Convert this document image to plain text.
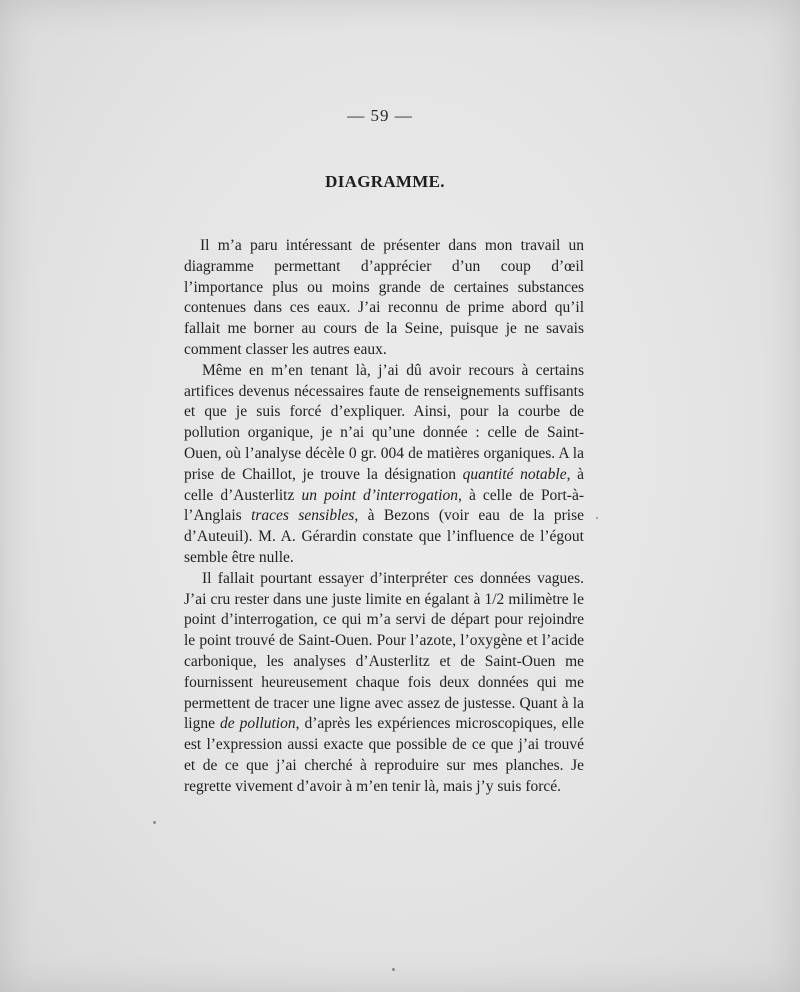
— 59 —
DIAGRAMME.

Il m’a paru intéressant de présenter dans mon travail un diagramme permettant d’apprécier d’un coup d’œil l’importance plus ou moins grande de certaines substances contenues dans ces eaux. J’ai reconnu de prime abord qu’il fallait me borner au cours de la Seine, puisque je ne savais comment classer les autres eaux.

Même en m’en tenant là, j’ai dû avoir recours à certains artifices devenus nécessaires faute de renseignements suffisants et que je suis forcé d’expliquer. Ainsi, pour la courbe de pollution organique, je n’ai qu’une donnée : celle de Saint-Ouen, où l’analyse décèle 0 gr. 004 de matières organiques. A la prise de Chaillot, je trouve la désignation quantité notable, à celle d’Austerlitz un point d’interrogation, à celle de Port-à-l’Anglais traces sensibles, à Bezons (voir eau de la prise d’Auteuil). M. A. Gérardin constate que l’influence de l’égout semble être nulle.

Il fallait pourtant essayer d’interpréter ces données vagues. J’ai cru rester dans une juste limite en égalant à 1/2 milimètre le point d’interrogation, ce qui m’a servi de départ pour rejoindre le point trouvé de Saint-Ouen. Pour l’azote, l’oxygène et l’acide carbonique, les analyses d’Austerlitz et de Saint-Ouen me fournissent heureusement chaque fois deux données qui me permettent de tracer une ligne avec assez de justesse. Quant à la ligne de pollution, d’après les expériences microscopiques, elle est l’expression aussi exacte que possible de ce que j’ai trouvé et de ce que j’ai cherché à reproduire sur mes planches. Je regrette vivement d’avoir à m’en tenir là, mais j’y suis forcé.
